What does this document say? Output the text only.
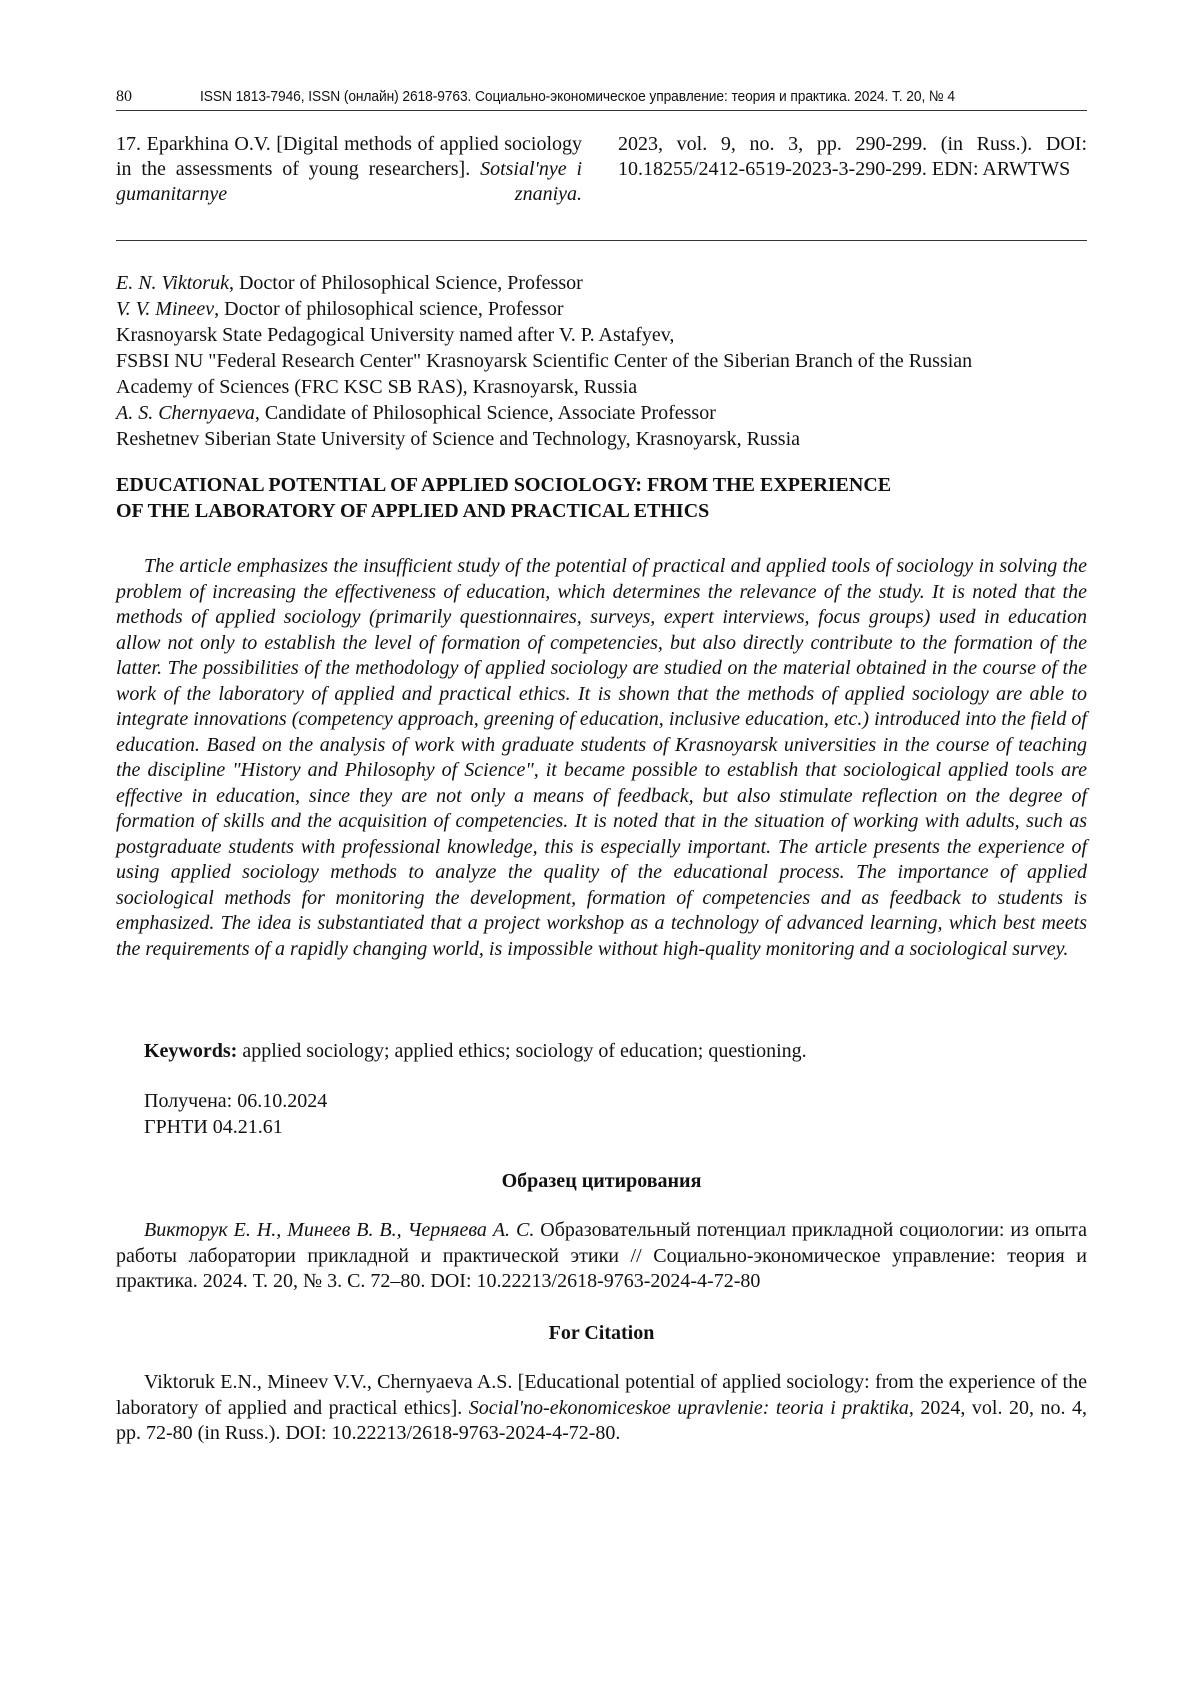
80	ISSN 1813-7946, ISSN (онлайн) 2618-9763. Социально-экономическое управление: теория и практика. 2024. Т. 20, № 4
17. Eparkhina O.V. [Digital methods of applied sociology in the assessments of young researchers]. Sotsial'nye i gumanitarnye znaniya.
2023, vol. 9, no. 3, pp. 290-299. (in Russ.). DOI: 10.18255/2412-6519-2023-3-290-299. EDN: ARWTWS
E. N. Viktoruk, Doctor of Philosophical Science, Professor
V. V. Mineev, Doctor of philosophical science, Professor
Krasnoyarsk State Pedagogical University named after V. P. Astafyev,
FSBSI NU "Federal Research Center" Krasnoyarsk Scientific Center of the Siberian Branch of the Russian
Academy of Sciences (FRC KSC SB RAS), Krasnoyarsk, Russia
A. S. Chernyaeva, Candidate of Philosophical Science, Associate Professor
Reshetnev Siberian State University of Science and Technology, Krasnoyarsk, Russia
EDUCATIONAL POTENTIAL OF APPLIED SOCIOLOGY: FROM THE EXPERIENCE
OF THE LABORATORY OF APPLIED AND PRACTICAL ETHICS
The article emphasizes the insufficient study of the potential of practical and applied tools of sociology in solving the problem of increasing the effectiveness of education, which determines the relevance of the study. It is noted that the methods of applied sociology (primarily questionnaires, surveys, expert interviews, focus groups) used in education allow not only to establish the level of formation of competencies, but also directly contribute to the formation of the latter. The possibilities of the methodology of applied sociology are studied on the material obtained in the course of the work of the laboratory of applied and practical ethics. It is shown that the methods of applied sociology are able to integrate innovations (competency approach, greening of education, inclusive education, etc.) introduced into the field of education. Based on the analysis of work with graduate students of Krasnoyarsk universities in the course of teaching the discipline "History and Philosophy of Science", it became possible to establish that sociological applied tools are effective in education, since they are not only a means of feedback, but also stimulate reflection on the degree of formation of skills and the acquisition of competencies. It is noted that in the situation of working with adults, such as postgraduate students with professional knowledge, this is especially important. The article presents the experience of using applied sociology methods to analyze the quality of the educational process. The importance of applied sociological methods for monitoring the development, formation of competencies and as feedback to students is emphasized. The idea is substantiated that a project workshop as a technology of advanced learning, which best meets the requirements of a rapidly changing world, is impossible without high-quality monitoring and a sociological survey.
Keywords: applied sociology; applied ethics; sociology of education; questioning.
Получена: 06.10.2024
ГРНТИ 04.21.61
Образец цитирования
Викторук Е. Н., Минеев В. В., Черняева А. С. Образовательный потенциал прикладной социологии: из опыта работы лаборатории прикладной и практической этики // Социально-экономическое управление: теория и практика. 2024. Т. 20, № 3. С. 72–80. DOI: 10.22213/2618-9763-2024-4-72-80
For Citation
Viktoruk E.N., Mineev V.V., Chernyaeva A.S. [Educational potential of applied sociology: from the experience of the laboratory of applied and practical ethics]. Social'no-ekonomiceskoe upravlenie: teoria i praktika, 2024, vol. 20, no. 4, pp. 72-80 (in Russ.). DOI: 10.22213/2618-9763-2024-4-72-80.
